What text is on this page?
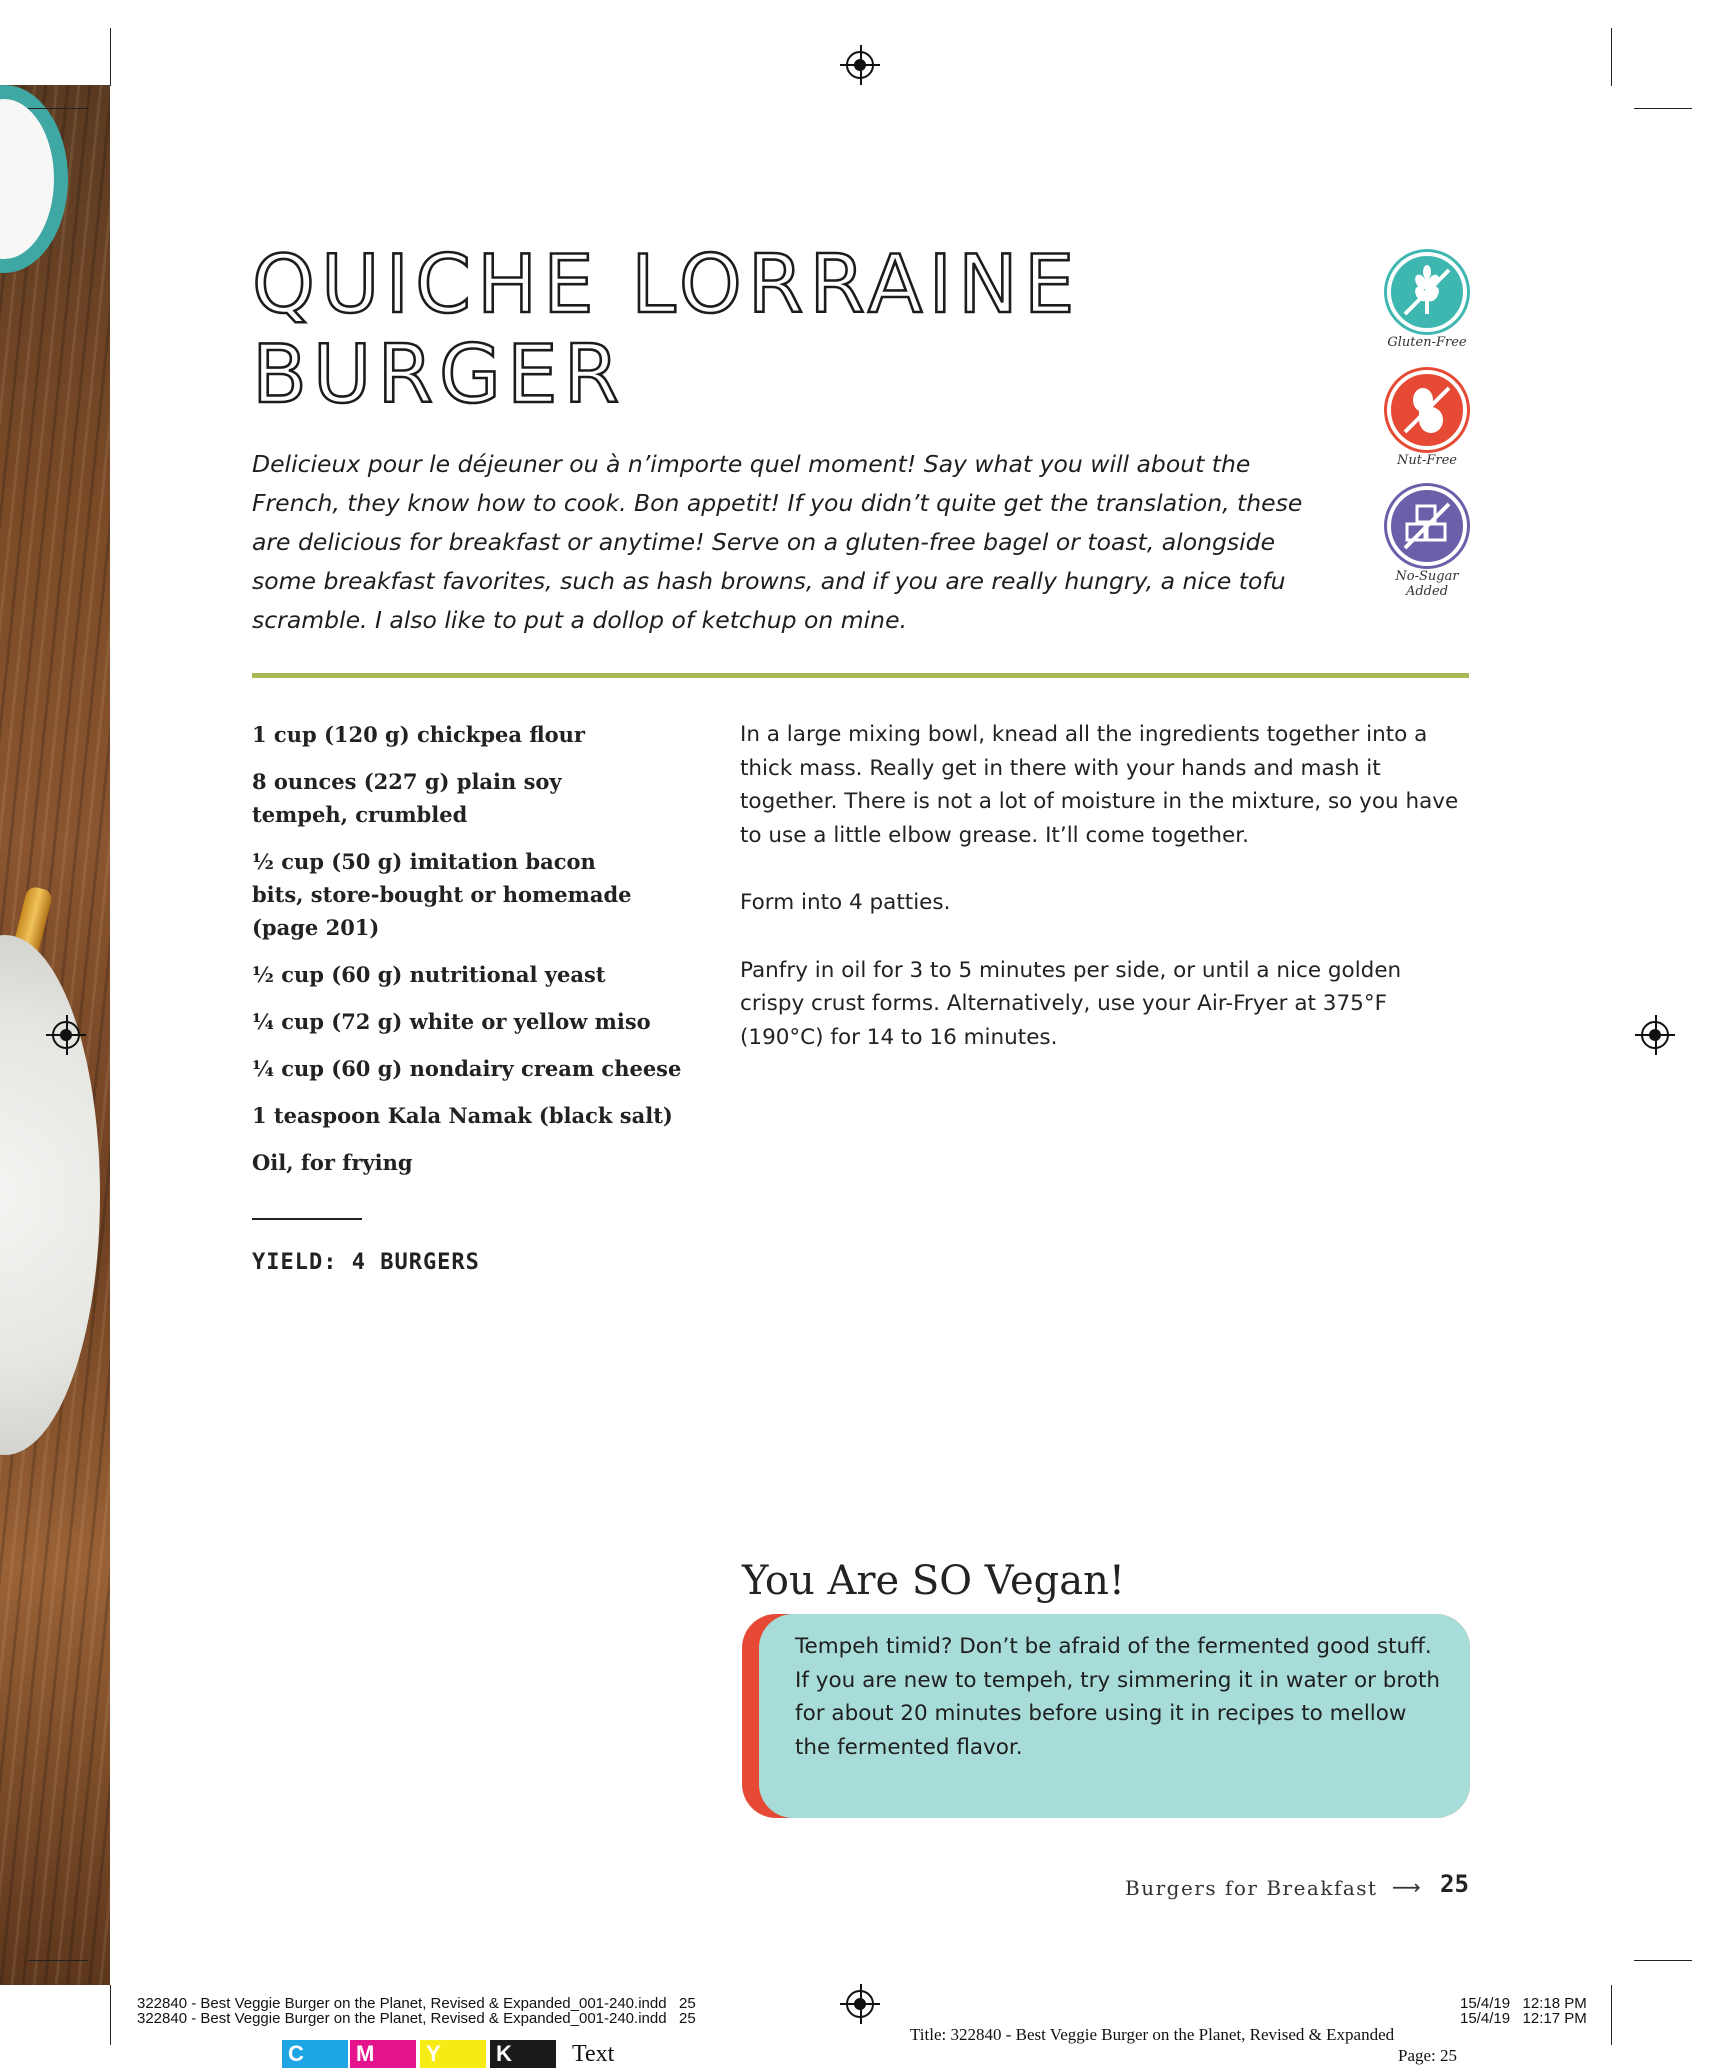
QUICHE LORRAINE
BURGER	Gluten-Free
Nut-Free
No-Sugar Added

Delicieux pour le déjeuner ou à n’importe quel moment! Say what you will about the French, they know how to cook. Bon appetit! If you didn’t quite get the translation, these are delicious for breakfast or anytime! Serve on a gluten-free bagel or toast, alongside some breakfast favorites, such as hash browns, and if you are really hungry, a nice tofu scramble. I also like to put a dollop of ketchup on mine.

1 cup (120 g) chickpea flour
8 ounces (227 g) plain soy tempeh, crumbled
½ cup (50 g) imitation bacon bits, store-bought or homemade (page 201)
½ cup (60 g) nutritional yeast
¼ cup (72 g) white or yellow miso
¼ cup (60 g) nondairy cream cheese
1 teaspoon Kala Namak (black salt)
Oil, for frying
YIELD: 4 BURGERS

In a large mixing bowl, knead all the ingredients together into a thick mass. Really get in there with your hands and mash it together. There is not a lot of moisture in the mixture, so you have to use a little elbow grease. It’ll come together.

Form into 4 patties.

Panfry in oil for 3 to 5 minutes per side, or until a nice golden crispy crust forms. Alternatively, use your Air-Fryer at 375°F (190°C) for 14 to 16 minutes.

You Are SO Vegan!

Tempeh timid? Don’t be afraid of the fermented good stuff. If you are new to tempeh, try simmering it in water or broth for about 20 minutes before using it in recipes to mellow the fermented flavor.

Burgers for Breakfast ⟶ 25
322840 - Best Veggie Burger on the Planet, Revised & Expanded_001-240.indd   25
322840 - Best Veggie Burger on the Planet, Revised & Expanded_001-240.indd   25
15/4/19   12:18 PM
15/4/19   12:17 PM
Title: 322840 - Best Veggie Burger on the Planet, Revised & Expanded
Page: 25
C	M	Y	K	Text
